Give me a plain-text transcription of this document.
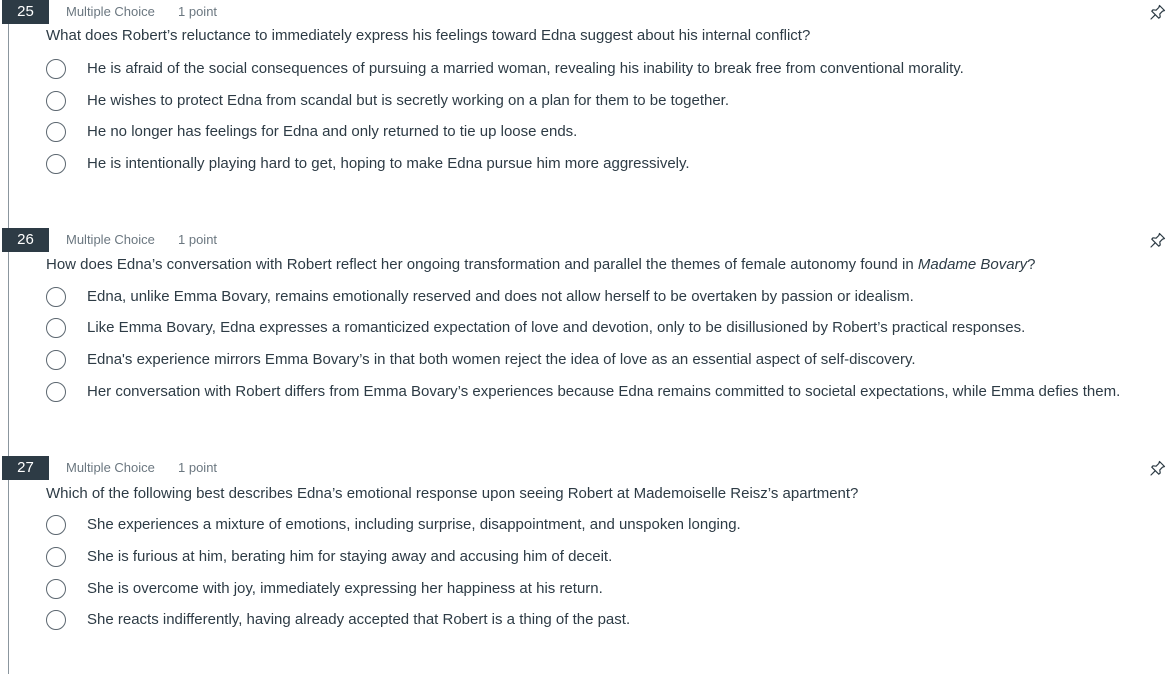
25	Multiple Choice 1 point
What does Robert’s reluctance to immediately express his feelings toward Edna suggest about his internal conflict?
He is afraid of the social consequences of pursuing a married woman, revealing his inability to break free from conventional morality.
He wishes to protect Edna from scandal but is secretly working on a plan for them to be together.
He no longer has feelings for Edna and only returned to tie up loose ends.
He is intentionally playing hard to get, hoping to make Edna pursue him more aggressively.
26	Multiple Choice 1 point
How does Edna’s conversation with Robert reflect her ongoing transformation and parallel the themes of female autonomy found in Madame Bovary?
Edna, unlike Emma Bovary, remains emotionally reserved and does not allow herself to be overtaken by passion or idealism.
Like Emma Bovary, Edna expresses a romanticized expectation of love and devotion, only to be disillusioned by Robert’s practical responses.
Edna's experience mirrors Emma Bovary’s in that both women reject the idea of love as an essential aspect of self-discovery.
Her conversation with Robert differs from Emma Bovary’s experiences because Edna remains committed to societal expectations, while Emma defies them.
27	Multiple Choice 1 point
Which of the following best describes Edna’s emotional response upon seeing Robert at Mademoiselle Reisz’s apartment?
She experiences a mixture of emotions, including surprise, disappointment, and unspoken longing.
She is furious at him, berating him for staying away and accusing him of deceit.
She is overcome with joy, immediately expressing her happiness at his return.
She reacts indifferently, having already accepted that Robert is a thing of the past.
